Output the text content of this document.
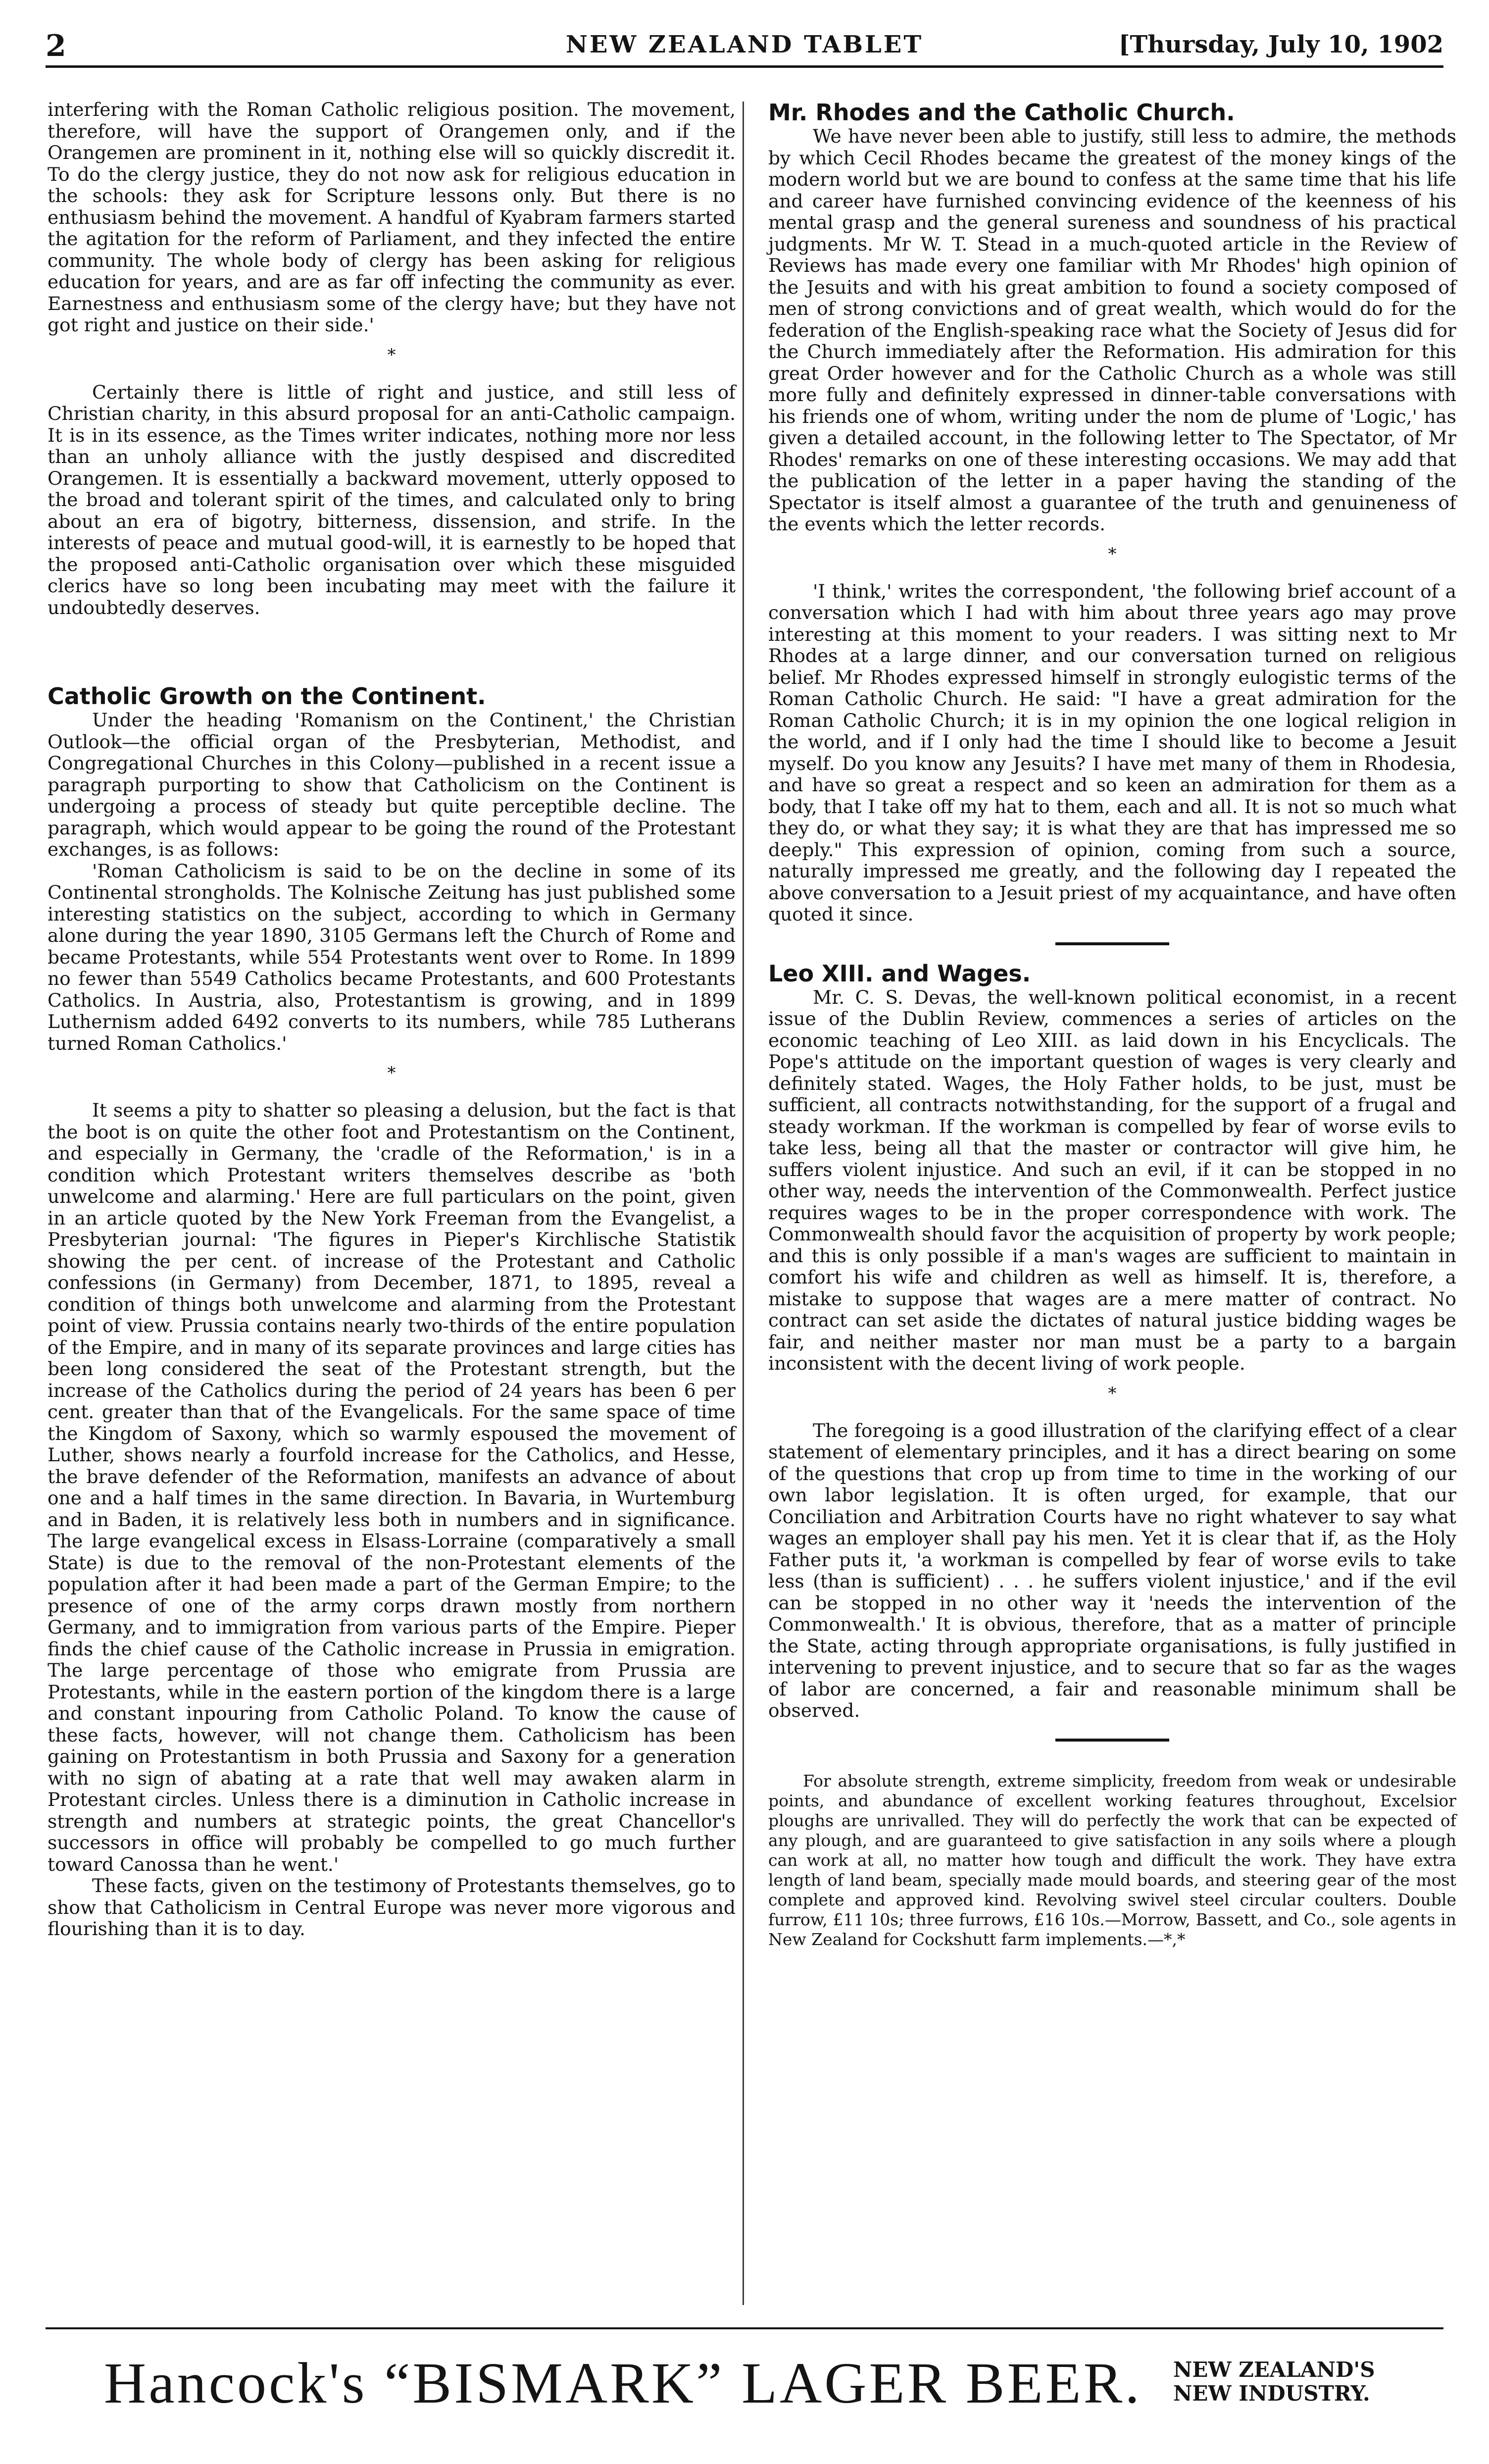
2	NEW ZEALAND TABLET	[Thursday, July 10, 1902

interfering with the Roman Catholic religious position. The movement, therefore, will have the support of Orangemen only, and if the Orangemen are prominent in it, nothing else will so quickly discredit it. To do the clergy justice, they do not now ask for religious education in the schools: they ask for Scripture lessons only. But there is no enthusiasm behind the movement. A handful of Kyabram farmers started the agitation for the reform of Parliament, and they infected the entire community. The whole body of clergy has been asking for religious education for years, and are as far off infecting the community as ever. Earnestness and enthusiasm some of the clergy have; but they have not got right and justice on their side.'

*

Certainly there is little of right and justice, and still less of Christian charity, in this absurd proposal for an anti-Catholic campaign. It is in its essence, as the Times writer indicates, nothing more nor less than an unholy alliance with the justly despised and discredited Orangemen. It is essentially a backward movement, utterly opposed to the broad and tolerant spirit of the times, and calculated only to bring about an era of bigotry, bitterness, dissension, and strife. In the interests of peace and mutual good-will, it is earnestly to be hoped that the proposed anti-Catholic organisation over which these misguided clerics have so long been incubating may meet with the failure it undoubtedly deserves.

Catholic Growth on the Continent.

Under the heading 'Romanism on the Continent,' the Christian Outlook—the official organ of the Presbyterian, Methodist, and Congregational Churches in this Colony—published in a recent issue a paragraph purporting to show that Catholicism on the Continent is undergoing a process of steady but quite perceptible decline. The paragraph, which would appear to be going the round of the Protestant exchanges, is as follows:

'Roman Catholicism is said to be on the decline in some of its Continental strongholds. The Kolnische Zeitung has just published some interesting statistics on the subject, according to which in Germany alone during the year 1890, 3105 Germans left the Church of Rome and became Protestants, while 554 Protestants went over to Rome. In 1899 no fewer than 5549 Catholics became Protestants, and 600 Protestants Catholics. In Austria, also, Protestantism is growing, and in 1899 Luthernism added 6492 converts to its numbers, while 785 Lutherans turned Roman Catholics.'

*

It seems a pity to shatter so pleasing a delusion, but the fact is that the boot is on quite the other foot and Protestantism on the Continent, and especially in Germany, the 'cradle of the Reformation,' is in a condition which Protestant writers themselves describe as 'both unwelcome and alarming.' Here are full particulars on the point, given in an article quoted by the New York Freeman from the Evangelist, a Presbyterian journal: 'The figures in Pieper's Kirchlische Statistik showing the per cent. of increase of the Protestant and Catholic confessions (in Germany) from December, 1871, to 1895, reveal a condition of things both unwelcome and alarming from the Protestant point of view. Prussia contains nearly two-thirds of the entire population of the Empire, and in many of its separate provinces and large cities has been long considered the seat of the Protestant strength, but the increase of the Catholics during the period of 24 years has been 6 per cent. greater than that of the Evangelicals. For the same space of time the Kingdom of Saxony, which so warmly espoused the movement of Luther, shows nearly a fourfold increase for the Catholics, and Hesse, the brave defender of the Reformation, manifests an advance of about one and a half times in the same direction. In Bavaria, in Wurtemburg and in Baden, it is relatively less both in numbers and in significance. The large evangelical excess in Elsass-Lorraine (comparatively a small State) is due to the removal of the non-Protestant elements of the population after it had been made a part of the German Empire; to the presence of one of the army corps drawn mostly from northern Germany, and to immigration from various parts of the Empire. Pieper finds the chief cause of the Catholic increase in Prussia in emigration. The large percentage of those who emigrate from Prussia are Protestants, while in the eastern portion of the kingdom there is a large and constant inpouring from Catholic Poland. To know the cause of these facts, however, will not change them. Catholicism has been gaining on Protestantism in both Prussia and Saxony for a generation with no sign of abating at a rate that well may awaken alarm in Protestant circles. Unless there is a diminution in Catholic increase in strength and numbers at strategic points, the great Chancellor's successors in office will probably be compelled to go much further toward Canossa than he went.'

These facts, given on the testimony of Protestants themselves, go to show that Catholicism in Central Europe was never more vigorous and flourishing than it is to day.

Mr. Rhodes and the Catholic Church.

We have never been able to justify, still less to admire, the methods by which Cecil Rhodes became the greatest of the money kings of the modern world but we are bound to confess at the same time that his life and career have furnished convincing evidence of the keenness of his mental grasp and the general sureness and soundness of his practical judgments. Mr W. T. Stead in a much-quoted article in the Review of Reviews has made every one familiar with Mr Rhodes' high opinion of the Jesuits and with his great ambition to found a society composed of men of strong convictions and of great wealth, which would do for the federation of the English-speaking race what the Society of Jesus did for the Church immediately after the Reformation. His admiration for this great Order however and for the Catholic Church as a whole was still more fully and definitely expressed in dinner-table conversations with his friends one of whom, writing under the nom de plume of 'Logic,' has given a detailed account, in the following letter to The Spectator, of Mr Rhodes' remarks on one of these interesting occasions. We may add that the publication of the letter in a paper having the standing of the Spectator is itself almost a guarantee of the truth and genuineness of the events which the letter records.

*

'I think,' writes the correspondent, 'the following brief account of a conversation which I had with him about three years ago may prove interesting at this moment to your readers. I was sitting next to Mr Rhodes at a large dinner, and our conversation turned on religious belief. Mr Rhodes expressed himself in strongly eulogistic terms of the Roman Catholic Church. He said: "I have a great admiration for the Roman Catholic Church; it is in my opinion the one logical religion in the world, and if I only had the time I should like to become a Jesuit myself. Do you know any Jesuits? I have met many of them in Rhodesia, and have so great a respect and so keen an admiration for them as a body, that I take off my hat to them, each and all. It is not so much what they do, or what they say; it is what they are that has impressed me so deeply." This expression of opinion, coming from such a source, naturally impressed me greatly, and the following day I repeated the above conversation to a Jesuit priest of my acquaintance, and have often quoted it since.

Leo XIII. and Wages.

Mr. C. S. Devas, the well-known political economist, in a recent issue of the Dublin Review, commences a series of articles on the economic teaching of Leo XIII. as laid down in his Encyclicals. The Pope's attitude on the important question of wages is very clearly and definitely stated. Wages, the Holy Father holds, to be just, must be sufficient, all contracts notwithstanding, for the support of a frugal and steady workman. If the workman is compelled by fear of worse evils to take less, being all that the master or contractor will give him, he suffers violent injustice. And such an evil, if it can be stopped in no other way, needs the intervention of the Commonwealth. Perfect justice requires wages to be in the proper correspondence with work. The Commonwealth should favor the acquisition of property by work people; and this is only possible if a man's wages are sufficient to maintain in comfort his wife and children as well as himself. It is, therefore, a mistake to suppose that wages are a mere matter of contract. No contract can set aside the dictates of natural justice bidding wages be fair, and neither master nor man must be a party to a bargain inconsistent with the decent living of work people.

*

The foregoing is a good illustration of the clarifying effect of a clear statement of elementary principles, and it has a direct bearing on some of the questions that crop up from time to time in the working of our own labor legislation. It is often urged, for example, that our Conciliation and Arbitration Courts have no right whatever to say what wages an employer shall pay his men. Yet it is clear that if, as the Holy Father puts it, 'a workman is compelled by fear of worse evils to take less (than is sufficient) . . . he suffers violent injustice,' and if the evil can be stopped in no other way it 'needs the intervention of the Commonwealth.' It is obvious, therefore, that as a matter of principle the State, acting through appropriate organisations, is fully justified in intervening to prevent injustice, and to secure that so far as the wages of labor are concerned, a fair and reasonable minimum shall be observed.

For absolute strength, extreme simplicity, freedom from weak or undesirable points, and abundance of excellent working features throughout, Excelsior ploughs are unrivalled. They will do perfectly the work that can be expected of any plough, and are guaranteed to give satisfaction in any soils where a plough can work at all, no matter how tough and difficult the work. They have extra length of land beam, specially made mould boards, and steering gear of the most complete and approved kind. Revolving swivel steel circular coulters. Double furrow, £11 10s; three furrows, £16 10s.—Morrow, Bassett, and Co., sole agents in New Zealand for Cockshutt farm implements.—*,*

Hancock's “BISMARK” LAGER BEER. NEW ZEALAND'S
NEW INDUSTRY.
